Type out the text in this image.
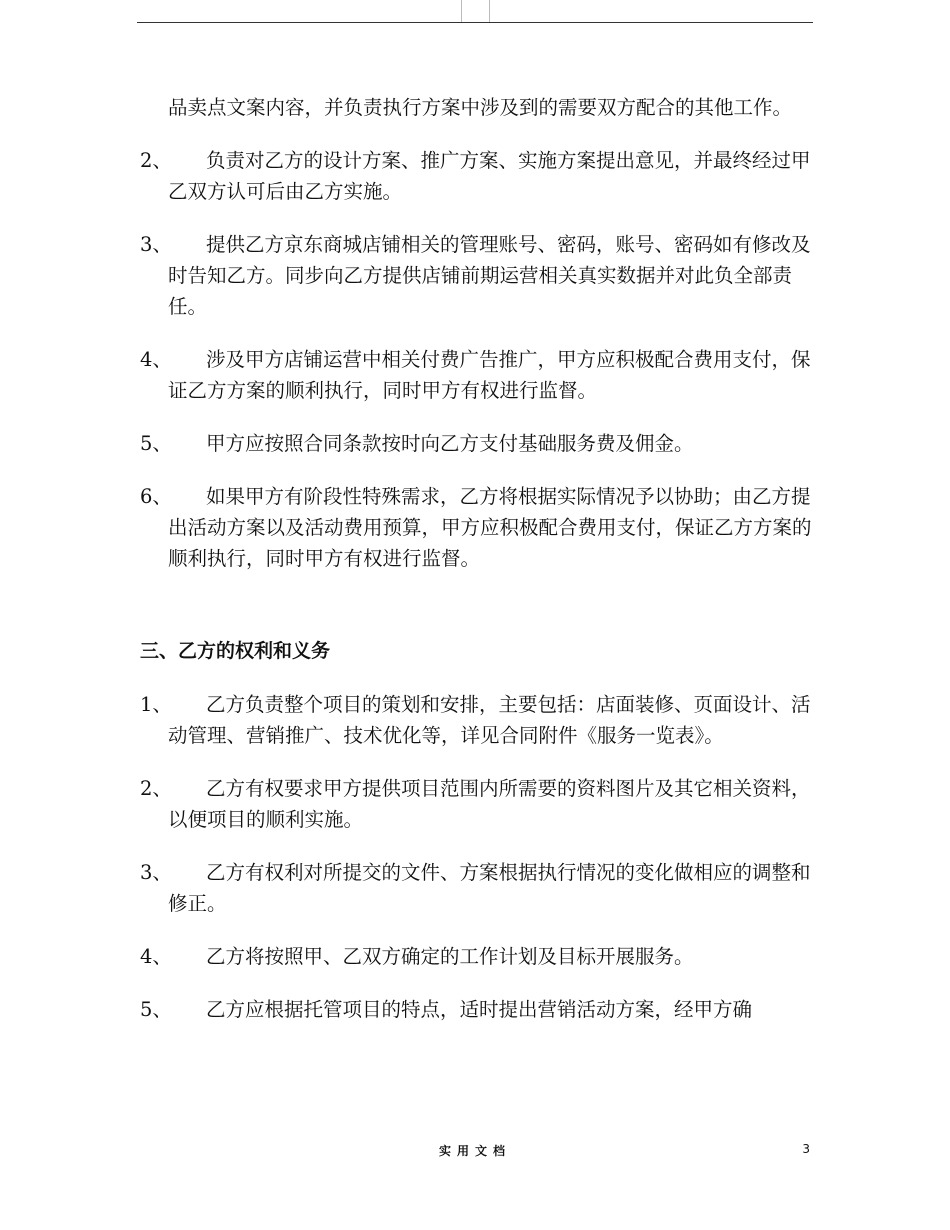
品卖点文案内容，并负责执行方案中涉及到的需要双方配合的其他工作。

2、 负责对乙方的设计方案、推广方案、实施方案提出意见，并最终经过甲乙双方认可后由乙方实施。

3、 提供乙方京东商城店铺相关的管理账号、密码，账号、密码如有修改及时告知乙方。同步向乙方提供店铺前期运营相关真实数据并对此负全部责任。

4、 涉及甲方店铺运营中相关付费广告推广，甲方应积极配合费用支付，保证乙方方案的顺利执行，同时甲方有权进行监督。

5、 甲方应按照合同条款按时向乙方支付基础服务费及佣金。

6、 如果甲方有阶段性特殊需求，乙方将根据实际情况予以协助；由乙方提出活动方案以及活动费用预算，甲方应积极配合费用支付，保证乙方方案的顺利执行，同时甲方有权进行监督。

三、乙方的权利和义务

1、 乙方负责整个项目的策划和安排，主要包括：店面装修、页面设计、活动管理、营销推广、技术优化等，详见合同附件《服务一览表》。

2、 乙方有权要求甲方提供项目范围内所需要的资料图片及其它相关资料，以便项目的顺利实施。

3、 乙方有权利对所提交的文件、方案根据执行情况的变化做相应的调整和修正。

4、 乙方将按照甲、乙双方确定的工作计划及目标开展服务。

5、 乙方应根据托管项目的特点，适时提出营销活动方案，经甲方确

实用文档	3
